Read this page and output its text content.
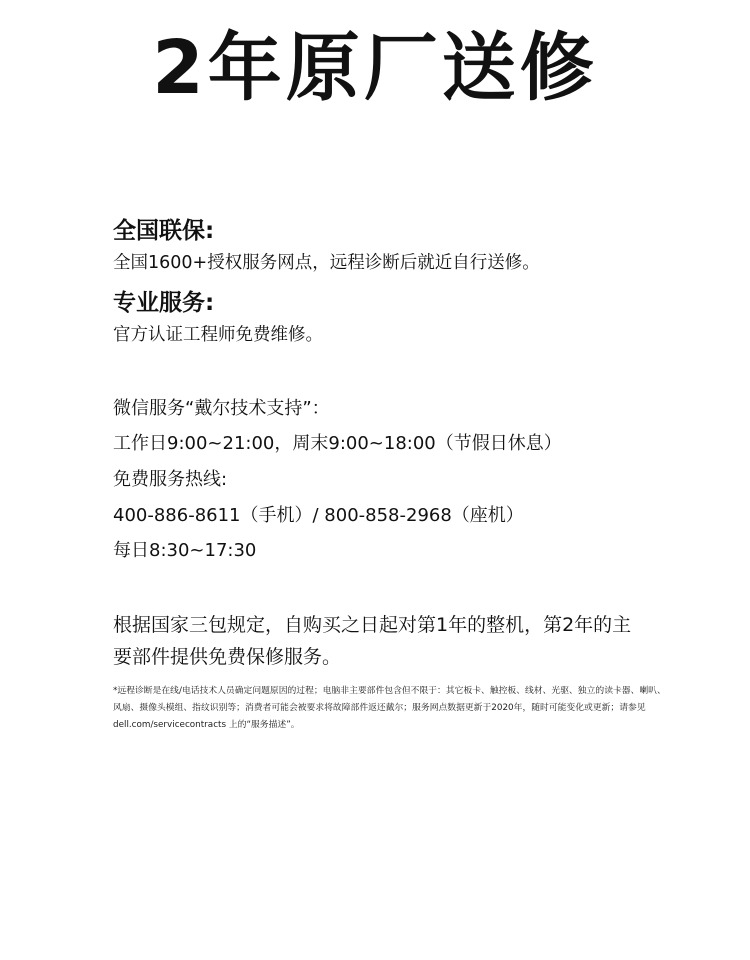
2年原厂送修
全国联保:
全国1600+授权服务网点，远程诊断后就近自行送修。
专业服务:
官方认证工程师免费维修。
微信服务“戴尔技术支持”：
工作日9:00~21:00，周末9:00~18:00（节假日休息）
免费服务热线:
400-886-8611（手机）/ 800-858-2968（座机）
每日8:30~17:30
根据国家三包规定，自购买之日起对第1年的整机，第2年的主要部件提供免费保修服务。
*远程诊断是在线/电话技术人员确定问题原因的过程；电脑非主要部件包含但不限于：其它板卡、触控板、线材、光驱、独立的读卡器、喇叭、风扇、摄像头模组、指纹识别等；消费者可能会被要求将故障部件返还戴尔；服务网点数据更新于2020年，随时可能变化或更新；请参见 dell.com/servicecontracts 上的“服务描述”。
